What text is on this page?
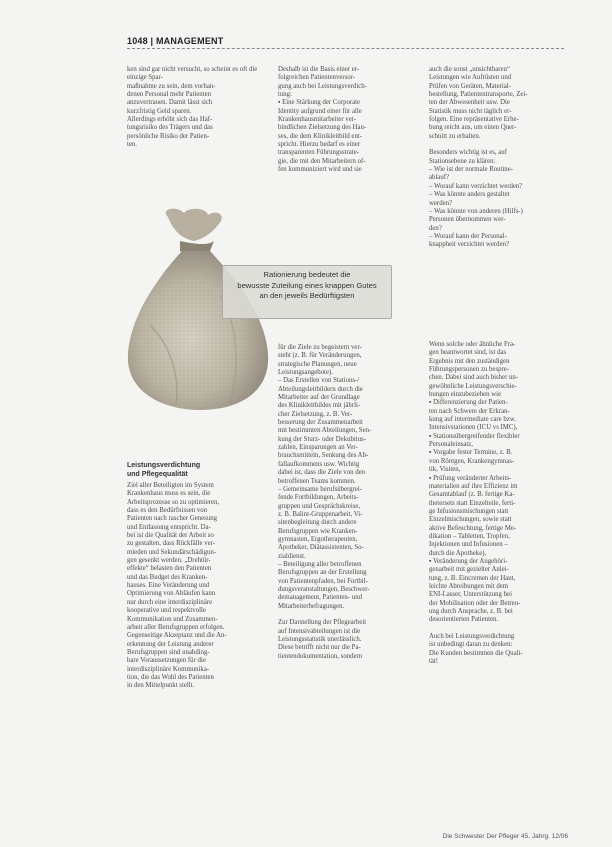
1048 | MANAGEMENT

ken sind gar nicht versucht, so scheint es oft die einzige Spar-

maßnahme zu sein, dem vorhan-

denen Personal mehr Patienten

anzuvertrauen. Damit lässt sich

kurzfristig Geld sparen.

Allerdings erhöht sich das Haf-

tungsrisiko des Trägers und das

persönliche Risiko der Patien-

ten.

Rationierung bedeutet die
bewusste Zuteilung eines knappen Gutes
an den jeweils Bedürftigsten
Leistungsverdichtung
und Pflegequalität

Ziel aller Beteiligten im System

Krankenhaus muss es sein, die

Arbeitsprozesse so zu optimieren,

dass es den Bedürfnissen von

Patienten nach rascher Genesung

und Entlassung entspricht. Da-

bei ist die Qualität der Arbeit so

zu gestalten, dass Rückfälle ver-

mieden und Sekundärschädigun-

gen gesenkt werden. „Drehtür-

effekte“ belasten den Patienten

und das Budget des Kranken-

hauses. Eine Veränderung und

Optimierung von Abläufen kann

nur durch eine interdisziplinäre

kooperative und respektvolle

Kommunikation und Zusammen-

arbeit aller Berufsgruppen erfolgen.

Gegenseitige Akzeptanz und die An-

erkennung der Leistung anderer

Berufsgruppen sind unabding-

bare Voraussetzungen für die

interdisziplinäre Kommunika-

tion, die das Wohl des Patienten

in den Mittelpunkt stellt.

Deshalb ist die Basis einer er-

folgreichen Patientenversor-

gung auch bei Leistungsverdich-

tung:

▪ Eine Stärkung der Corporate

Identity aufgrund einer für alle

Krankenhausmitarbeiter ver-

bindlichen Zielsetzung des Hau-

ses, die dem Klinikleitbild ent-

spricht. Hierzu bedarf es einer

transparenten Führungsstrate-

gie, die mit den Mitarbeitern of-

fen kommuniziert wird und sie

für die Ziele zu begeistern ver-

steht (z. B. für Veränderungen,

strategische Planungen, neue

Leistungsangebote).

– Das Erstellen von Stations-/

Abteilungsleitbildern durch die

Mitarbeiter auf der Grundlage

des Klinikleitbildes mit jährli-

cher Zielsetzung, z. B. Ver-

besserung der Zusammenarbeit

mit bestimmten Abteilungen, Sen-

kung der Sturz- oder Dekubitus-

zahlen, Einsparungen an Ver-

brauchsmitteln, Senkung des Ab-

fallaufkommens usw. Wichtig

dabei ist, dass die Ziele von den

betroffenen Teams kommen.

– Gemeinsame berufsübergrei-

fende Fortbildungen, Arbeits-

gruppen und Gesprächskreise,

z. B. Balint-Gruppenarbeit, Vi-

sitenbegleitung durch andere

Berufsgruppen wie Kranken-

gymnasten, Ergotherapeuten,

Apotheker, Diätassistenten, So-

zialdienst.

– Beteiligung aller betroffenen

Berufsgruppen an der Erstellung

von Patientenpfaden, bei Fortbil-

dungsveranstaltungen, Beschwer-

demanagement, Patienten- und

Mitarbeiterbefragungen.

Zur Darstellung der Pflegearbeit

auf Intensivabteilungen ist die

Leistungsstatistik unerlässlich.

Diese betrifft nicht nur die Pa-

tientendokumentation, sondern

auch die sonst „unsichtbaren“

Leistungen wie Aufrüsten und

Prüfen von Geräten, Material-

bestellung, Patiententransporte, Zei-

ten der Abwesenheit usw. Die

Statistik muss nicht täglich er-

folgen. Eine repräsentative Erhe-

bung reicht aus, um einen Quer-

schnitt zu erhalten.

Besonders wichtig ist es, auf

Stationsebene zu klären:

– Wie ist der normale Routine-

ablauf?

– Worauf kann verzichtet werden?

– Was könnte anders gestaltet

werden?

– Was könnte von anderen (Hilfs-)

Personen übernommen wer-

den?

– Worauf kann der Personal-

knappheit verzichtet werden?

Wenn solche oder ähnliche Fra-

gen beantwortet sind, ist das

Ergebnis mit den zuständigen

Führungspersonen zu bespre-

chen. Dabei sind auch bisher un-

gewöhnliche Leistungsverschie-

bungen einzubeziehen wie

▪ Differenzierung der Patien-

ten nach Schwere der Erkran-

kung auf intermediate care bzw.

Intensivstationen (ICU vs IMC),

▪ Stationsübergreifender flexibler

Personaleinsatz,

▪ Vorgabe fester Termine, z. B.

von Röntgen, Krankengymnas-

tik, Visiten,

▪ Prüfung veränderter Arbeits-

materialien auf ihre Effizienz im

Gesamtablauf (z. B. fertige Ka-

thetersets statt Einzelteile, ferti-

ge Infusionsmischungen statt

Einzelmischungen, sowie statt

aktive Befeuchtung, fertige Me-

dikation – Tabletten, Tropfen,

Injektionen und Infusionen –

durch die Apotheke),

▪ Veränderung der Angehöri-

genarbeit mit gezielter Anlei-

tung, z. B. Eincremen der Haut,

leichte Abreibungen mit dem

ENI-Lasser, Unterstützung bei

der Mobilisation oder der Betreu-

ung durch Ansprache, z. B. bei

desorientierten Patienten.

Auch bei Leistungsverdichtung

ist unbedingt daran zu denken:

Die Kunden bestimmen die Quali-

tät!

Die Schwester Der Pfleger 45. Jahrg. 12/06
